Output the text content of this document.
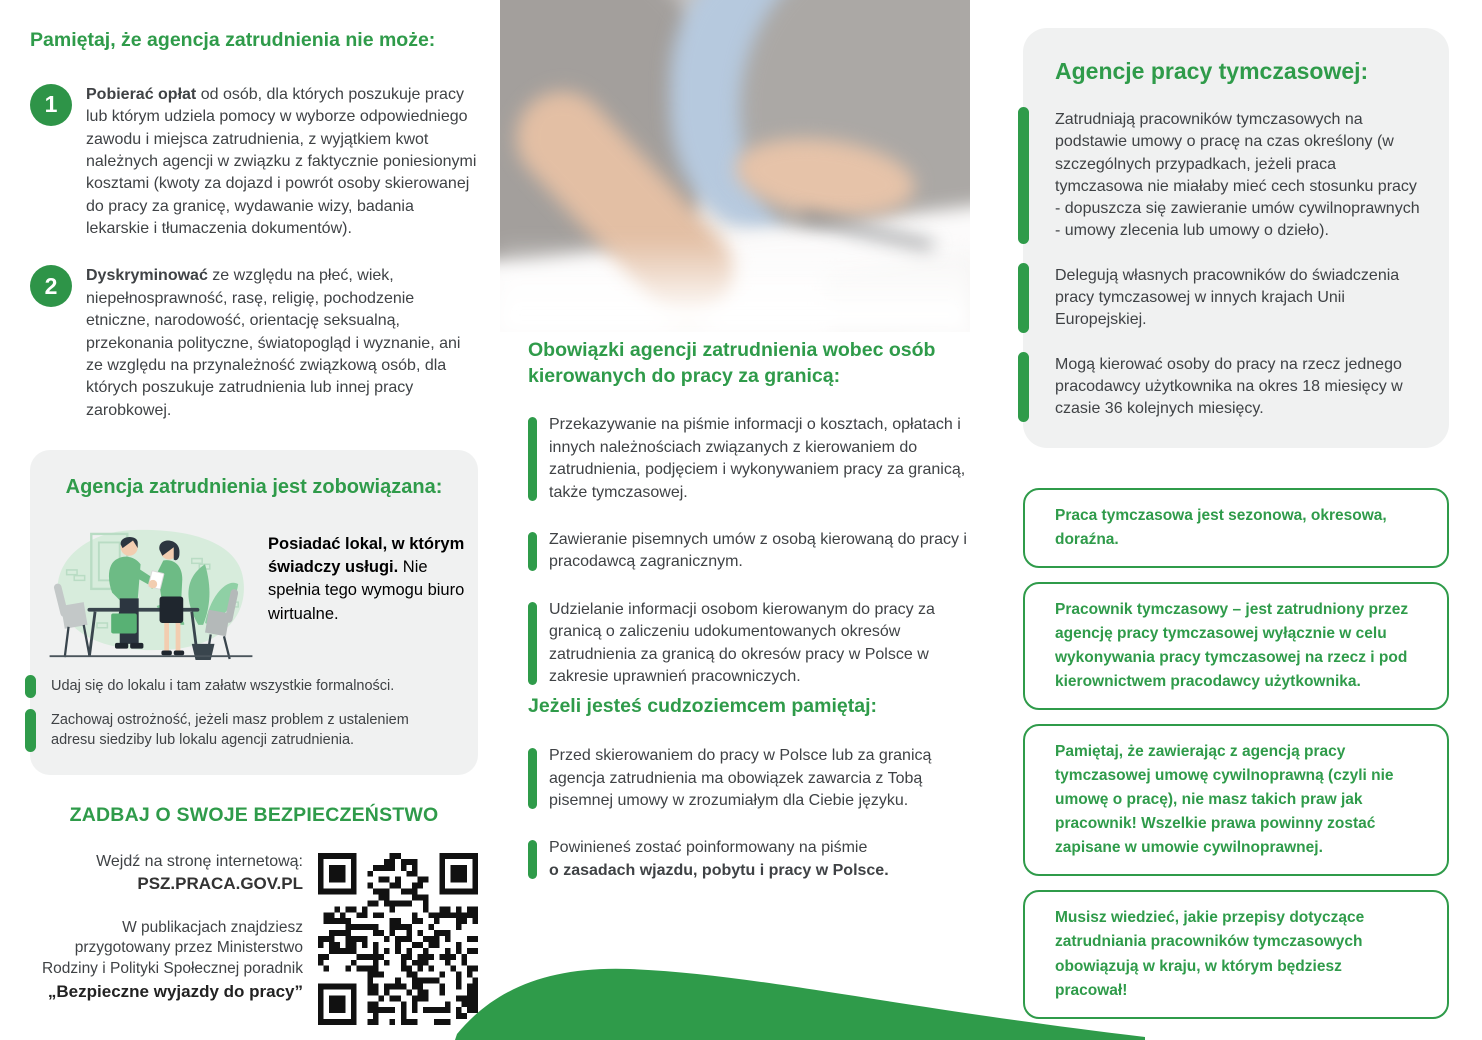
Pamiętaj, że agencja zatrudnienia nie może:
1	Pobierać opłat od osób, dla których poszukuje pracy lub którym udziela pomocy w wyborze odpowiedniego zawodu i miejsca zatrudnienia, z wyjątkiem kwot należnych agencji w związku z faktycznie poniesionymi kosztami (kwoty za dojazd i powrót osoby skierowanej do pracy za granicę, wydawanie wizy, badania lekarskie i tłumaczenia dokumentów).

2	Dyskryminować ze względu na płeć, wiek, niepełnosprawność, rasę, religię, pochodzenie etniczne, narodowość, orientację seksualną, przekonania polityczne, światopogląd i wyznanie, ani ze względu na przynależność związkową osób, dla których poszukuje zatrudnienia lub innej pracy zarobkowej.

Agencja zatrudnienia jest zobowiązana:

Posiadać lokal, w którym świadczy usługi. Nie spełnia tego wymogu biuro wirtualne.

Udaj się do lokalu i tam załatw wszystkie formalności.
Zachowaj ostrożność, jeżeli masz problem z ustaleniem adresu siedziby lub lokalu agencji zatrudnienia.
ZADBAJ O SWOJE BEZPIECZEŃSTWO

Wejdź na stronę internetową:

PSZ.PRACA.GOV.PL

W publikacjach znajdziesz
przygotowany przez Ministerstwo
Rodziny i Polityki Społecznej poradnik

„Bezpieczne wyjazdy do pracy”

Obowiązki agencji zatrudnienia wobec osób kierowanych do pracy za granicą:
Przekazywanie na piśmie informacji o kosztach, opłatach i innych należnościach związanych z kierowaniem do zatrudnienia, podjęciem i wykonywaniem pracy za granicą, także tymczasowej.
Zawieranie pisemnych umów z osobą kierowaną do pracy i pracodawcą zagranicznym.
Udzielanie informacji osobom kierowanym do pracy za granicą o zaliczeniu udokumentowanych okresów zatrudnienia za granicą do okresów pracy w Polsce w zakresie uprawnień pracowniczych.
Jeżeli jesteś cudzoziemcem pamiętaj:
Przed skierowaniem do pracy w Polsce lub za granicą agencja zatrudnienia ma obowiązek zawarcia z Tobą pisemnej umowy w zrozumiałym dla Ciebie języku.
Powinieneś zostać poinformowany na piśmie
o zasadach wjazdu, pobytu i pracy w Polsce.
Agencje pracy tymczasowej:
Zatrudniają pracowników tymczasowych na podstawie umowy o pracę na czas określony (w szczególnych przypadkach, jeżeli praca tymczasowa nie miałaby mieć cech stosunku pracy - dopuszcza się zawieranie umów cywilnoprawnych - umowy zlecenia lub umowy o dzieło).
Delegują własnych pracowników do świadczenia pracy tymczasowej w innych krajach Unii Europejskiej.
Mogą kierować osoby do pracy na rzecz jednego pracodawcy użytkownika na okres 18 miesięcy w czasie 36 kolejnych miesięcy.
Praca tymczasowa jest sezonowa, okresowa, doraźna.
Pracownik tymczasowy – jest zatrudniony przez agencję pracy tymczasowej wyłącznie w celu wykonywania pracy tymczasowej na rzecz i pod kierownictwem pracodawcy użytkownika.
Pamiętaj, że zawierając z agencją pracy tymczasowej umowę cywilnoprawną (czyli nie umowę o pracę), nie masz takich praw jak pracownik! Wszelkie prawa powinny zostać zapisane w umowie cywilnoprawnej.
Musisz wiedzieć, jakie przepisy dotyczące zatrudniania pracowników tymczasowych obowiązują w kraju, w którym będziesz pracował!
